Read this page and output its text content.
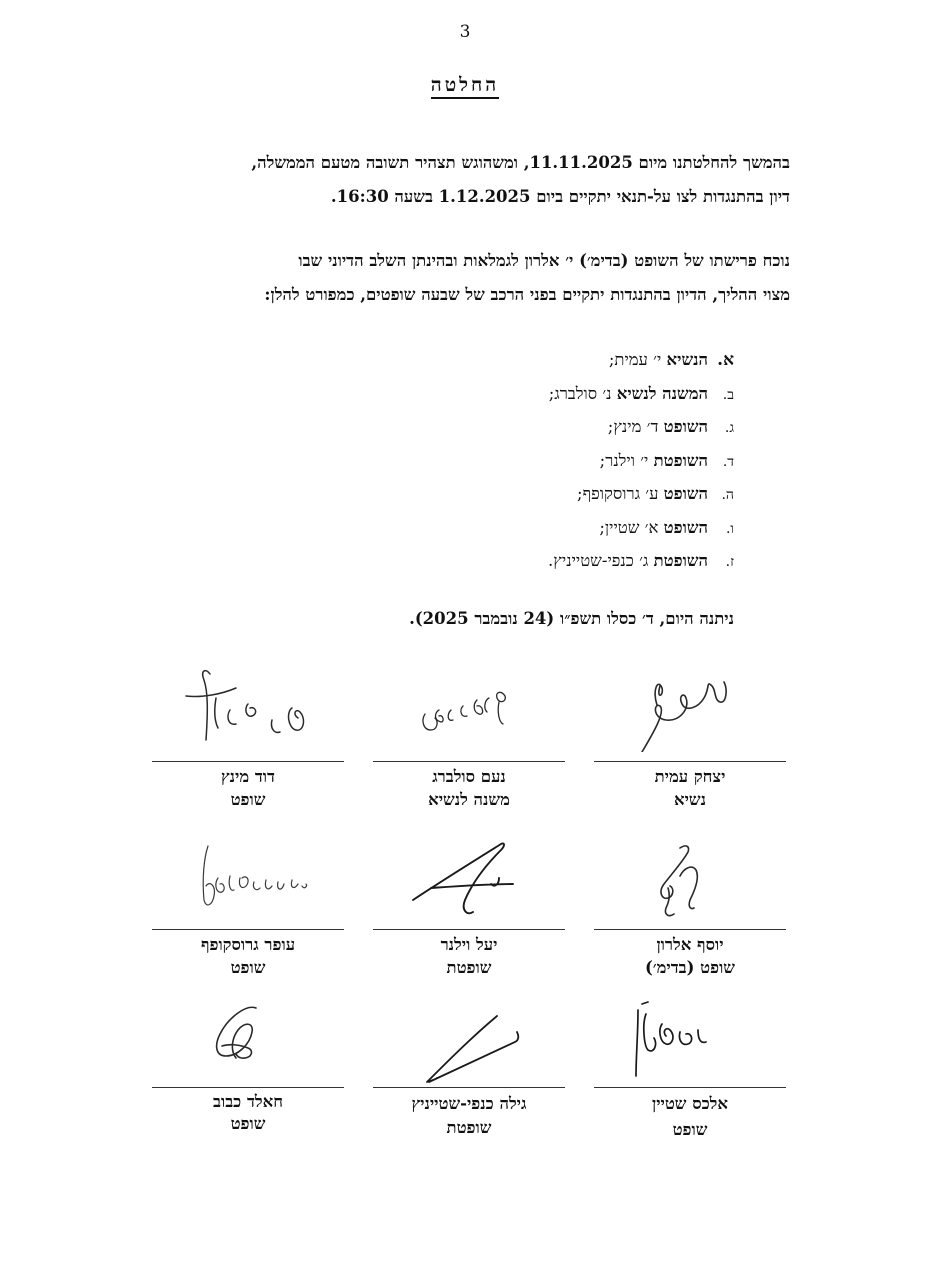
3
החלטה
בהמשך להחלטתנו מיום 11.11.2025, ומשהוגש תצהיר תשובה מטעם הממשלה,
דיון בהתנגדות לצו על-תנאי יתקיים ביום 1.12.2025 בשעה 16:30.
נוכח פרישתו של השופט (בדימ׳) י׳ אלרון לגמלאות ובהינתן השלב הדיוני שבו
מצוי ההליך, הדיון בהתנגדות יתקיים בפני הרכב של שבעה שופטים, כמפורט להלן:
א.הנשיא י׳ עמית;
ב.המשנה לנשיא נ׳ סולברג;
ג.השופט ד׳ מינץ;
ד.השופטת י׳ וילנר;
ה.השופט ע׳ גרוסקופף;
ו.השופט א׳ שטיין;
ז.השופטת ג׳ כנפי-שטייניץ.
ניתנה היום, ד׳ כסלו תשפ״ו (24 נובמבר 2025).
יצחק עמית
נשיא
נעם סולברג
משנה לנשיא
דוד מינץ
שופט
יוסף אלרון
שופט (בדימ׳)
יעל וילנר
שופטת
עופר גרוסקופף
שופט
אלכס שטיין
שופט
גילה כנפי-שטייניץ
שופטת
חאלד כבוב
שופט
